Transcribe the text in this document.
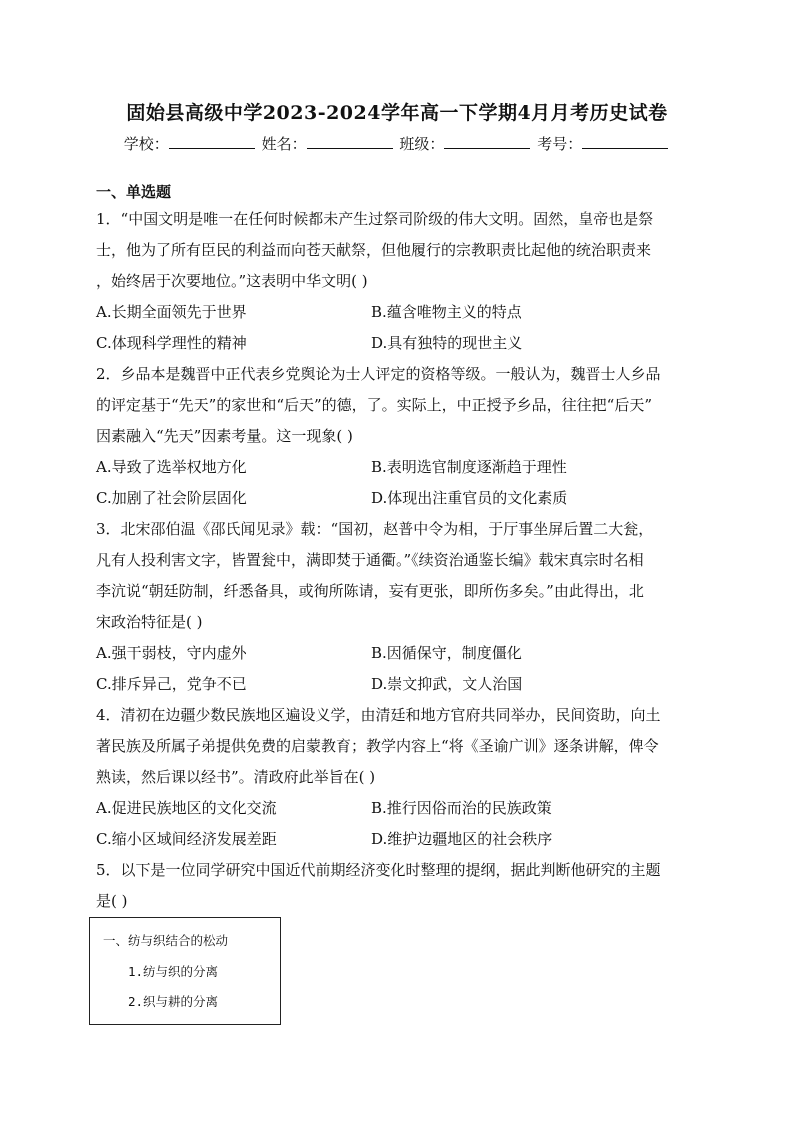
固始县高级中学2023-2024学年高一下学期4月月考历史试卷
学校：	姓名：	班级：	考号：
一、单选题
1．“中国文明是唯一在任何时候都未产生过祭司阶级的伟大文明。固然，皇帝也是祭
士，他为了所有臣民的利益而向苍天献祭，但他履行的宗教职责比起他的统治职责来
，始终居于次要地位。”这表明中华文明( )
A.长期全面领先于世界	B.蕴含唯物主义的特点
C.体现科学理性的精神	D.具有独特的现世主义
2．乡品本是魏晋中正代表乡党舆论为士人评定的资格等级。一般认为，魏晋士人乡品
的评定基于“先天”的家世和“后天”的德，了。实际上，中正授予乡品，往往把“后天”
因素融入“先天”因素考量。这一现象( )
A.导致了选举权地方化	B.表明选官制度逐渐趋于理性
C.加剧了社会阶层固化	D.体现出注重官员的文化素质
3．北宋邵伯温《邵氏闻见录》载：“国初，赵普中令为相，于厅事坐屏后置二大瓮，
凡有人投利害文字，皆置瓮中，满即焚于通衢。”《续资治通鉴长编》载宋真宗时名相
李沆说“朝廷防制，纤悉备具，或徇所陈请，妄有更张，即所伤多矣。”由此得出，北
宋政治特征是( )
A.强干弱枝，守内虚外	B.因循保守，制度僵化
C.排斥异己，党争不已	D.崇文抑武，文人治国
4．清初在边疆少数民族地区遍设义学，由清廷和地方官府共同举办，民间资助，向土
著民族及所属子弟提供免费的启蒙教育；教学内容上“将《圣谕广训》逐条讲解，俾令
熟读，然后课以经书”。清政府此举旨在( )
A.促进民族地区的文化交流	B.推行因俗而治的民族政策
C.缩小区域间经济发展差距	D.维护边疆地区的社会秩序
5．以下是一位同学研究中国近代前期经济变化时整理的提纲，据此判断他研究的主题
是( )
一、纺与织结合的松动
1.纺与织的分离
2.织与耕的分离
